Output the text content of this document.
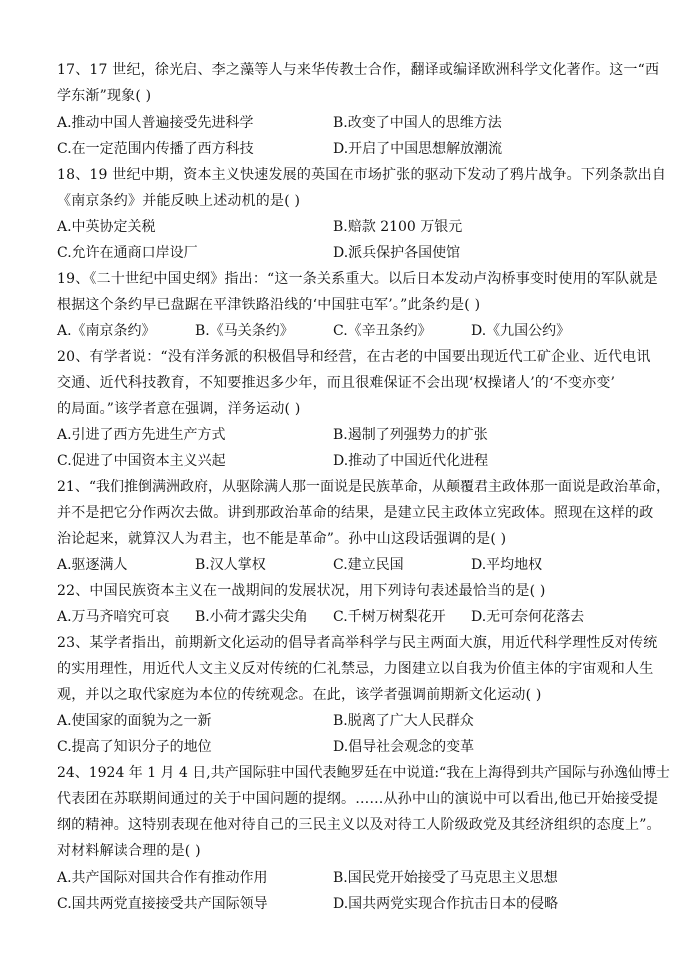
17、17 世纪，徐光启、李之藻等人与来华传教士合作，翻译或编译欧洲科学文化著作。这一“西
学东渐”现象( )
A.推动中国人普遍接受先进科学	B.改变了中国人的思维方法
C.在一定范围内传播了西方科技	D.开启了中国思想解放潮流
18、19 世纪中期，资本主义快速发展的英国在市场扩张的驱动下发动了鸦片战争。下列条款出自
《南京条约》并能反映上述动机的是( )
A.中英协定关税	B.赔款 2100 万银元
C.允许在通商口岸设厂	D.派兵保护各国使馆
19、《二十世纪中国史纲》指出：“这一条关系重大。以后日本发动卢沟桥事变时使用的军队就是
根据这个条约早已盘踞在平津铁路沿线的‘中国驻屯军’。”此条约是( )
A.《南京条约》	B.《马关条约》	C.《辛丑条约》	D.《九国公约》
20、有学者说：“没有洋务派的积极倡导和经营，在古老的中国要出现近代工矿企业、近代电讯
交通、近代科技教育，不知要推迟多少年，而且很难保证不会出现‘权操诸人’的‘不变亦变’
的局面。”该学者意在强调，洋务运动( )
A.引进了西方先进生产方式	B.遏制了列强势力的扩张
C.促进了中国资本主义兴起	D.推动了中国近代化进程
21、“我们推倒满洲政府，从驱除满人那一面说是民族革命，从颠覆君主政体那一面说是政治革命，
并不是把它分作两次去做。讲到那政治革命的结果，是建立民主政体立宪政体。照现在这样的政
治论起来，就算汉人为君主，也不能是革命”。孙中山这段话强调的是( )
A.驱逐满人	B.汉人掌权	C.建立民国	D.平均地权
22、中国民族资本主义在一战期间的发展状况，用下列诗句表述最恰当的是( )
A.万马齐喑究可哀 B.小荷才露尖尖角 C.千树万树梨花开 D.无可奈何花落去
23、某学者指出，前期新文化运动的倡导者高举科学与民主两面大旗，用近代科学理性反对传统
的实用理性，用近代人文主义反对传统的仁礼禁忌，力图建立以自我为价值主体的宇宙观和人生
观，并以之取代家庭为本位的传统观念。在此，该学者强调前期新文化运动( )
A.使国家的面貌为之一新	B.脱离了广大人民群众
C.提高了知识分子的地位	D.倡导社会观念的变革
24、1924 年 1 月 4 日,共产国际驻中国代表鲍罗廷在中说道:“我在上海得到共产国际与孙逸仙博士
代表团在苏联期间通过的关于中国问题的提纲。……从孙中山的演说中可以看出,他已开始接受提
纲的精神。这特别表现在他对待自己的三民主义以及对待工人阶级政党及其经济组织的态度上”。
对材料解读合理的是( )
A.共产国际对国共合作有推动作用	B.国民党开始接受了马克思主义思想
C.国共两党直接接受共产国际领导	D.国共两党实现合作抗击日本的侵略
